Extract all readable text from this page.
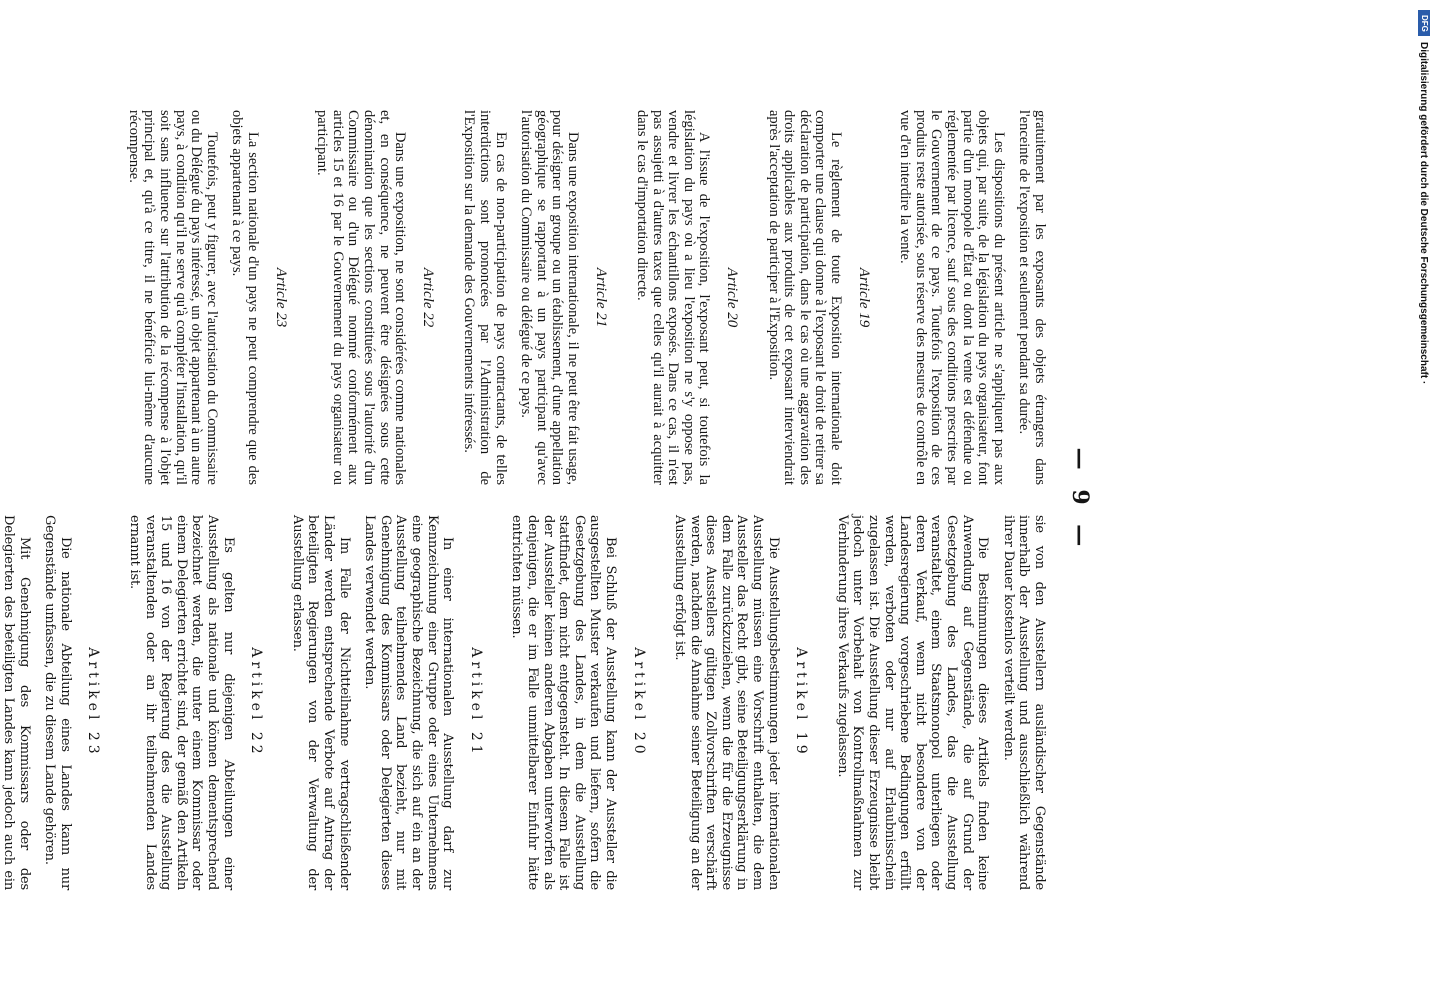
— 9 —

gratuitement par les exposants des objets étrangers dans l'enceinte de l'exposition et seulement pendant sa durée.

Les dispositions du présent article ne s'appliquent pas aux objets qui, par suite, de la législation du pays organisateur, font partie d'un monopole d'État ou dont la vente est défendue ou réglementée par licence, sauf sous des conditions prescrites par le Gouvernement de ce pays. Toutefois l'exposition de ces produits reste autorisée, sous réserve des mesures de contrôle en vue d'en interdire la vente.

Article 19

Le règlement de toute Exposition internationale doit comporter une clause qui donne à l'exposant le droit de retirer sa déclaration de participation, dans le cas où une aggravation des droits applicables aux produits de cet exposant interviendrait après l'acceptation de participer à l'Exposition.

Article 20

A l'issue de l'exposition, l'exposant peut, si toutefois la législation du pays où a lieu l'exposition ne s'y oppose pas, vendre et livrer les échantillons exposés. Dans ce cas, il n'est pas assujetti à d'autres taxes que celles qu'il aurait à acquitter dans le cas d'importation directe.

Article 21

Dans une exposition internationale, il ne peut être fait usage, pour désigner un groupe ou un établissement, d'une appellation géographique se rapportant à un pays participant qu'avec l'autorisation du Commissaire ou délégué de ce pays.

En cas de non-participation de pays contractants, de telles interdictions sont prononcées par l'Administration de l'Exposition sur la demande des Gouvernements intéressés.

Article 22

Dans une exposition, ne sont considérées comme nationales et, en conséquence, ne peuvent être désignées sous cette dénomination que les sections constituées sous l'autorité d'un Commissaire ou d'un Délégué nommé conformément aux articles 15 et 16 par le Gouvernement du pays organisateur ou participant.

Article 23

La section nationale d'un pays ne peut comprendre que des objets appartenant à ce pays.

Toutefois, peut y figurer, avec l'autorisation du Commissaire ou du Délégué du pays intéressé, un objet appartenant à un autre pays, à condition qu'il ne serve qu'à compléter l'installation, qu'il soit sans influence sur l'attribution de la récompense à l'objet principal et, qu'à ce titre, il ne bénéficie lui-même d'aucune récompense.

sie von den Ausstellern ausländischer Gegenstände innerhalb der Ausstellung und ausschließlich während ihrer Dauer kostenlos verteilt werden.

Die Bestimmungen dieses Artikels finden keine Anwendung auf Gegenstände, die auf Grund der Gesetzgebung des Landes, das die Ausstellung veranstaltet, einem Staatsmonopol unterliegen oder deren Verkauf, wenn nicht besondere von der Landesregierung vorgeschriebene Bedingungen erfüllt werden, verboten oder nur auf Erlaubnisschein zugelassen ist. Die Ausstellung dieser Erzeugnisse bleibt jedoch unter Vorbehalt von Kontrollmaßnahmen zur Verhinderung ihres Verkaufs zugelassen.

Artikel 19

Die Ausstellungsbestimmungen jeder internationalen Ausstellung müssen eine Vorschrift enthalten, die dem Aussteller das Recht gibt, seine Beteiligungserklärung in dem Falle zurückzuziehen, wenn die für die Erzeugnisse dieses Ausstellers gültigen Zollvorschriften verschärft werden, nachdem die Annahme seiner Beteiligung an der Ausstellung erfolgt ist.

Artikel 20

Bei Schluß der Ausstellung kann der Aussteller die ausgestellten Muster verkaufen und liefern, sofern die Gesetzgebung des Landes, in dem die Ausstellung stattfindet, dem nicht entgegensteht. In diesem Falle ist der Aussteller keinen anderen Abgaben unterworfen als denjenigen, die er im Falle unmittelbarer Einfuhr hätte entrichten müssen.

Artikel 21

In einer internationalen Ausstellung darf zur Kennzeichnung einer Gruppe oder eines Unternehmens eine geographische Bezeichnung, die sich auf ein an der Ausstellung teilnehmendes Land bezieht, nur mit Genehmigung des Kommissars oder Delegierten dieses Landes verwendet werden.

Im Falle der Nichtteilnahme vertragschließender Länder werden entsprechende Verbote auf Antrag der beteiligten Regierungen von der Verwaltung der Ausstellung erlassen.

Artikel 22

Es gelten nur diejenigen Abteilungen einer Ausstellung als nationale und können dementsprechend bezeichnet werden, die unter einem Kommissar oder einem Delegierten errichtet sind, der gemäß den Artikeln 15 und 16 von der Regierung des die Ausstellung veranstaltenden oder an ihr teilnehmenden Landes ernannt ist.

Artikel 23

Die nationale Abteilung eines Landes kann nur Gegenstände umfassen, die zu diesem Lande gehören.

Mit Genehmigung des Kommissars oder des Delegierten des beteiligten Landes kann jedoch auch ein

DFG
Digitalisierung gefördert durch die Deutsche Forschungsgemeinschaft ·
